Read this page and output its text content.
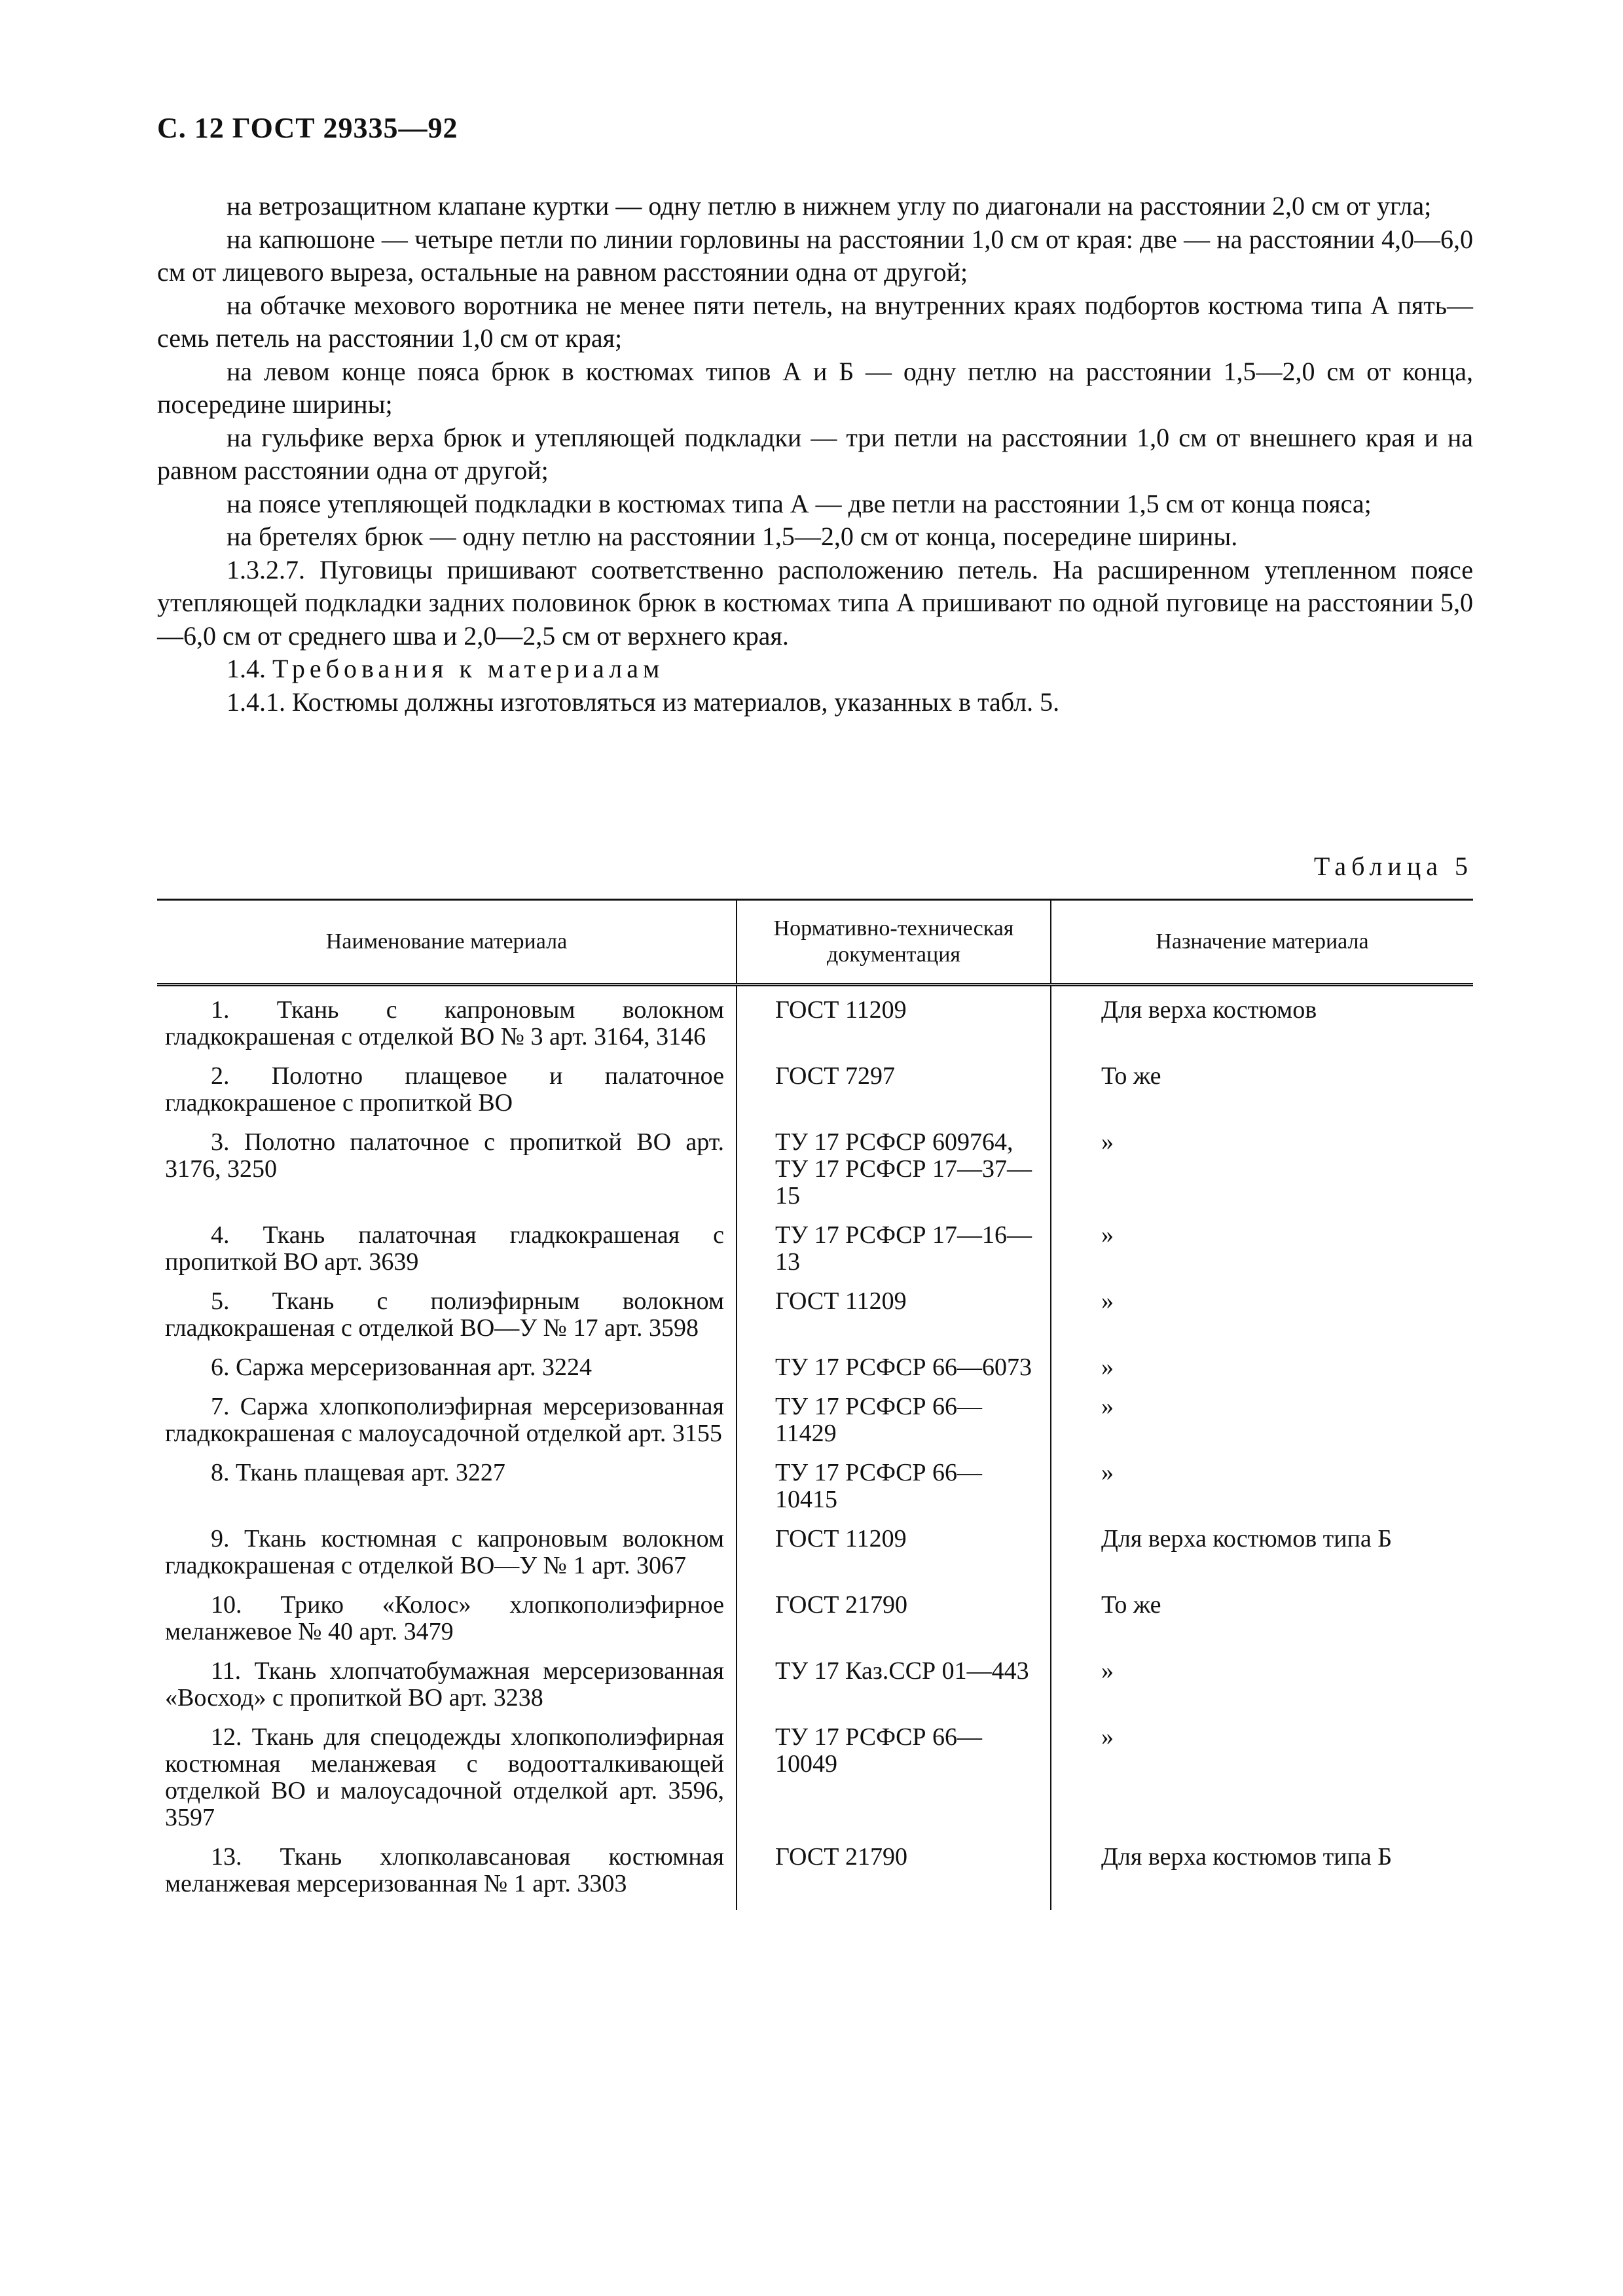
С. 12 ГОСТ 29335—92

на ветрозащитном клапане куртки — одну петлю в нижнем углу по диагонали на расстоянии 2,0 см от угла;

на капюшоне — четыре петли по линии горловины на расстоянии 1,0 см от края: две — на расстоянии 4,0—6,0 см от лицевого выреза, остальные на равном расстоянии одна от другой;

на обтачке мехового воротника не менее пяти петель, на внутренних краях подбортов костюма типа А пять—семь петель на расстоянии 1,0 см от края;

на левом конце пояса брюк в костюмах типов А и Б — одну петлю на расстоянии 1,5—2,0 см от конца, посередине ширины;

на гульфике верха брюк и утепляющей подкладки — три петли на расстоянии 1,0 см от внешнего края и на равном расстоянии одна от другой;

на поясе утепляющей подкладки в костюмах типа А — две петли на расстоянии 1,5 см от конца пояса;

на бретелях брюк — одну петлю на расстоянии 1,5—2,0 см от конца, посередине ширины.

1.3.2.7. Пуговицы пришивают соответственно расположению петель. На расширенном утепленном поясе утепляющей подкладки задних половинок брюк в костюмах типа А пришивают по одной пуговице на расстоянии 5,0—6,0 см от среднего шва и 2,0—2,5 см от верхнего края.

1.4. Требования к материалам

1.4.1. Костюмы должны изготовляться из материалов, указанных в табл. 5.

Таблица 5
Наименование материала	Нормативно-техническая документация	Назначение материала

1. Ткань с капроновым волокном гладкокрашеная с отделкой ВО № 3 арт. 3164, 3146	ГОСТ 11209	Для верха костюмов

2. Полотно плащевое и палаточное гладкокрашеное с пропиткой ВО	ГОСТ 7297	То же

3. Полотно палаточное с пропиткой ВО арт. 3176, 3250	ТУ 17 РСФСР 609764, ТУ 17 РСФСР 17—37—15	»

4. Ткань палаточная гладкокрашеная с пропиткой ВО арт. 3639	ТУ 17 РСФСР 17—16—13	»

5. Ткань с полиэфирным волокном гладкокрашеная с отделкой ВО—У № 17 арт. 3598	ГОСТ 11209	»

6. Саржа мерсеризованная арт. 3224	ТУ 17 РСФСР 66—6073	»

7. Саржа хлопкополиэфирная мерсеризованная гладкокрашеная с малоусадочной отделкой арт. 3155	ТУ 17 РСФСР 66—11429	»

8. Ткань плащевая арт. 3227	ТУ 17 РСФСР 66—10415	»

9. Ткань костюмная с капроновым волокном гладкокрашеная с отделкой ВО—У № 1 арт. 3067	ГОСТ 11209	Для верха костюмов типа Б

10. Трико «Колос» хлопкополиэфирное меланжевое № 40 арт. 3479	ГОСТ 21790	То же

11. Ткань хлопчатобумажная мерсеризованная «Восход» с пропиткой ВО арт. 3238	ТУ 17 Каз.ССР 01—443	»

12. Ткань для спецодежды хлопкополиэфирная костюмная меланжевая с водоотталкивающей отделкой ВО и малоусадочной отделкой арт. 3596, 3597	ТУ 17 РСФСР 66—10049	»

13. Ткань хлопколавсановая костюмная меланжевая мерсеризованная № 1 арт. 3303	ГОСТ 21790	Для верха костюмов типа Б
